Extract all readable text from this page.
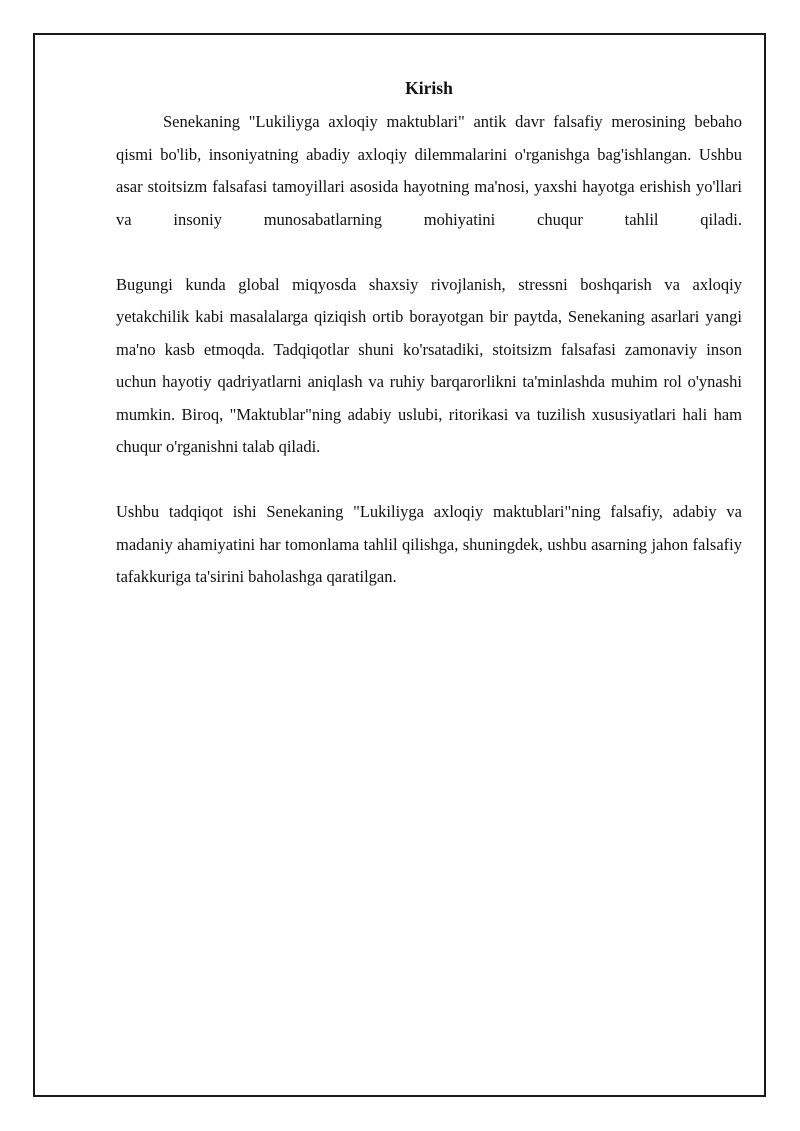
Kirish

Senekaning "Lukiliyga axloqiy maktublari" antik davr falsafiy merosining bebaho qismi bo'lib, insoniyatning abadiy axloqiy dilemmalarini o'rganishga bag'ishlangan. Ushbu asar stoitsizm falsafasi tamoyillari asosida hayotning ma'nosi, yaxshi hayotga erishish yo'llari va insoniy munosabatlarning mohiyatini chuqur tahlil qiladi.

Bugungi kunda global miqyosda shaxsiy rivojlanish, stressni boshqarish va axloqiy yetakchilik kabi masalalarga qiziqish ortib borayotgan bir paytda, Senekaning asarlari yangi ma'no kasb etmoqda. Tadqiqotlar shuni ko'rsatadiki, stoitsizm falsafasi zamonaviy inson uchun hayotiy qadriyatlarni aniqlash va ruhiy barqarorlikni ta'minlashda muhim rol o'ynashi mumkin. Biroq, "Maktublar"ning adabiy uslubi, ritorikasi va tuzilish xususiyatlari hali ham chuqur o'rganishni talab qiladi.

Ushbu tadqiqot ishi Senekaning "Lukiliyga axloqiy maktublari"ning falsafiy, adabiy va madaniy ahamiyatini har tomonlama tahlil qilishga, shuningdek, ushbu asarning jahon falsafiy tafakkuriga ta'sirini baholashga qaratilgan.
